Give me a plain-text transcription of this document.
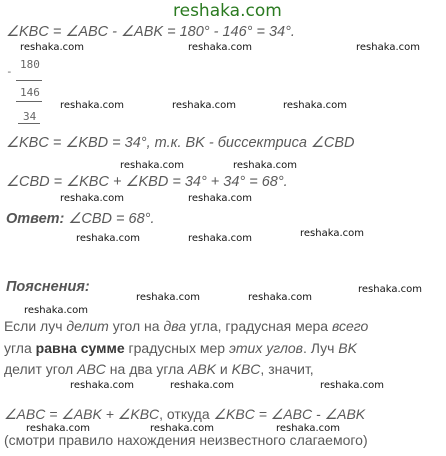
reshaka.com
∠KBC = ∠ABC - ∠ABK = 180° - 146° = 34°.
reshaka.com	reshaka.com	reshaka.com
-
180
146
34
reshaka.com	reshaka.com	reshaka.com
∠KBC = ∠KBD = 34°, т.к. BK - биссектриса ∠CBD
reshaka.com	reshaka.com
∠CBD = ∠KBC + ∠KBD = 34° + 34° = 68°.
reshaka.com	reshaka.com
Ответ: ∠CBD = 68°.
reshaka.com
reshaka.com	reshaka.com
Пояснения:
reshaka.com	reshaka.com
reshaka.com
reshaka.com
Если луч делит угол на два угла, градусная мера всего
угла равна сумме градусных мер этих углов. Луч BK
делит угол ABC на два угла ABK и KBC, значит,
reshaka.com	reshaka.com	reshaka.com
∠ABC = ∠ABK + ∠KBC, откуда ∠KBC = ∠ABC - ∠ABK
reshaka.com	reshaka.com	reshaka.com
(смотри правило нахождения неизвестного слагаемого)
